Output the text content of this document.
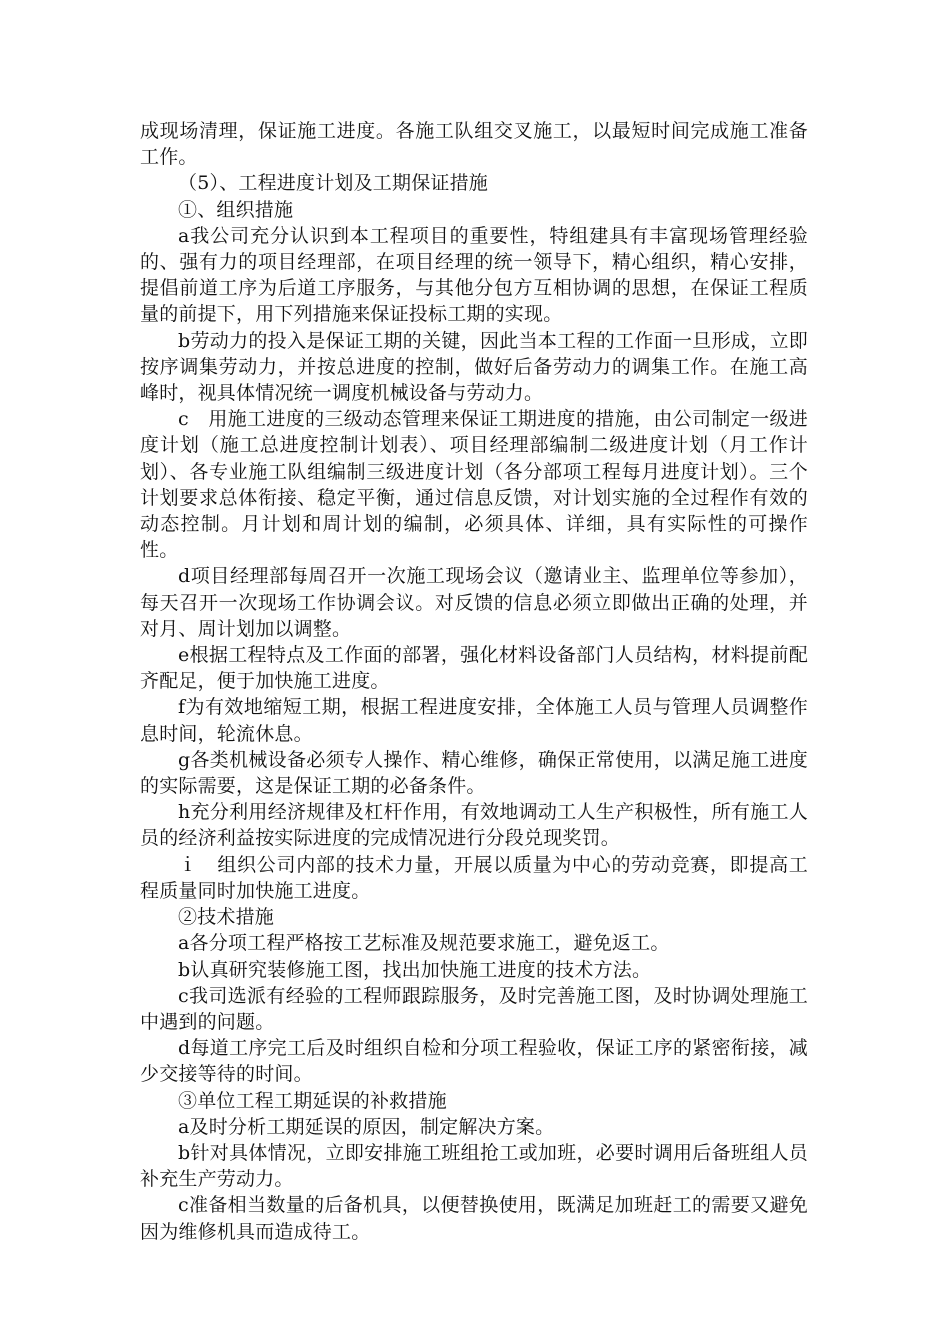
成现场清理，保证施工进度。各施工队组交叉施工，以最短时间完成施工准备工作。

（5）、工程进度计划及工期保证措施

①、组织措施

a我公司充分认识到本工程项目的重要性，特组建具有丰富现场管理经验的、强有力的项目经理部，在项目经理的统一领导下，精心组织，精心安排，提倡前道工序为后道工序服务，与其他分包方互相协调的思想，在保证工程质量的前提下，用下列措施来保证投标工期的实现。

b劳动力的投入是保证工期的关键，因此当本工程的工作面一旦形成，立即按序调集劳动力，并按总进度的控制，做好后备劳动力的调集工作。在施工高峰时，视具体情况统一调度机械设备与劳动力。

c　用施工进度的三级动态管理来保证工期进度的措施，由公司制定一级进度计划（施工总进度控制计划表）、项目经理部编制二级进度计划（月工作计划）、各专业施工队组编制三级进度计划（各分部项工程每月进度计划）。三个计划要求总体衔接、稳定平衡，通过信息反馈，对计划实施的全过程作有效的动态控制。月计划和周计划的编制，必须具体、详细，具有实际性的可操作性。

d项目经理部每周召开一次施工现场会议（邀请业主、监理单位等参加），每天召开一次现场工作协调会议。对反馈的信息必须立即做出正确的处理，并对月、周计划加以调整。

e根据工程特点及工作面的部署，强化材料设备部门人员结构，材料提前配齐配足，便于加快施工进度。

f为有效地缩短工期，根据工程进度安排，全体施工人员与管理人员调整作息时间，轮流休息。

g各类机械设备必须专人操作、精心维修，确保正常使用，以满足施工进度的实际需要，这是保证工期的必备条件。

h充分利用经济规律及杠杆作用，有效地调动工人生产积极性，所有施工人员的经济利益按实际进度的完成情况进行分段兑现奖罚。

ｉ　组织公司内部的技术力量，开展以质量为中心的劳动竞赛，即提高工程质量同时加快施工进度。

②技术措施

a各分项工程严格按工艺标准及规范要求施工，避免返工。

b认真研究装修施工图，找出加快施工进度的技术方法。

c我司选派有经验的工程师跟踪服务，及时完善施工图，及时协调处理施工中遇到的问题。

d每道工序完工后及时组织自检和分项工程验收，保证工序的紧密衔接，减少交接等待的时间。

③单位工程工期延误的补救措施

a及时分析工期延误的原因，制定解决方案。

b针对具体情况，立即安排施工班组抢工或加班，必要时调用后备班组人员补充生产劳动力。

c准备相当数量的后备机具，以便替换使用，既满足加班赶工的需要又避免因为维修机具而造成待工。
